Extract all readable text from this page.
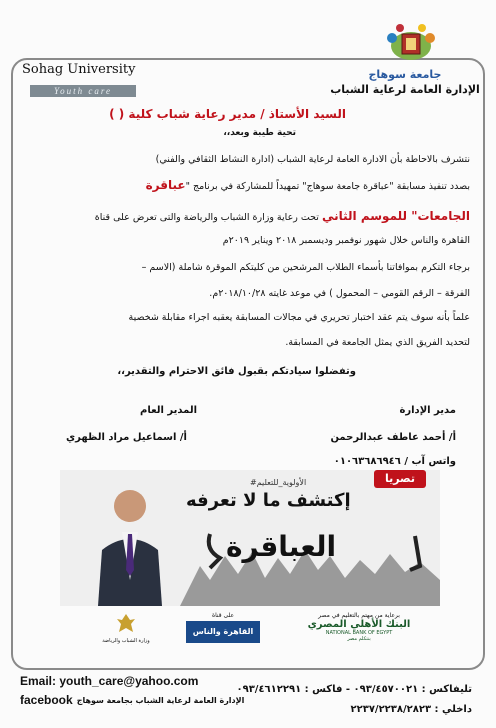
Sohag University
Youth care
جامعة سوهاج
الإدارة العامة لرعاية الشباب
السيد الأستاذ / مدير رعاية شباب كلية ( )
تحية طيبة وبعد،،
نتشرف بالاحاطة بأن الادارة العامة لرعاية الشباب (ادارة النشاط الثقافي والفني)
بصدد تنفيذ مسابقة "عباقرة جامعة سوهاج" تمهيداً للمشاركة في برنامج "عباقرة
الجامعات" للموسم الثاني تحت رعاية وزارة الشباب والرياضة والتى تعرض على قناة
القاهرة والناس خلال شهور نوفمبر وديسمبر ٢٠١٨ ويناير ٢٠١٩م
برجاء التكرم بموافاتنا بأسماء الطلاب المرشحين من كليتكم الموقرة شاملة (الاسم –
الفرقة – الرقم القومي – المحمول ) في موعد غايته ٢٠١٨/١٠/٢٨م.
علماً بأنه سوف يتم عقد اختبار تحريري في مجالات المسابقة يعقبه اجراء مقابلة شخصية
لتحديد الفريق الذي يمثل الجامعة في المسابقة.
وتفضلوا سيادتكم بقبول فائق الاحترام والتقدير،،
مدير الإدارة
أ/ أحمد عاطف عبدالرحمن
واتس آب / ٠١٠٦٣٦٨٦٩٤٦
المدير العام
أ/ اسماعيل مراد الظهري
#الأولوية_للتعليم
إكتشف ما لا تعرفه
العباقرة
تصريا
وزارة الشباب والرياضة
على قناة
القاهرة والناس
برعاية من مهتم بالتعليم في مصر
البنك الأهلي المصري
NATIONAL BANK OF EGYPT
بنتكلم مصر
Email: youth_care@yahoo.com
facebook الإدارة العامة لرعاية الشباب بجامعة سوهاج
تليفاكس : ٠٩٣/٤٥٧٠٠٢١ - فاكس : ٠٩٣/٤٦١٢٢٩١
داخلي : ٢٢٣٧/٢٢٣٨/٢٨٢٣
